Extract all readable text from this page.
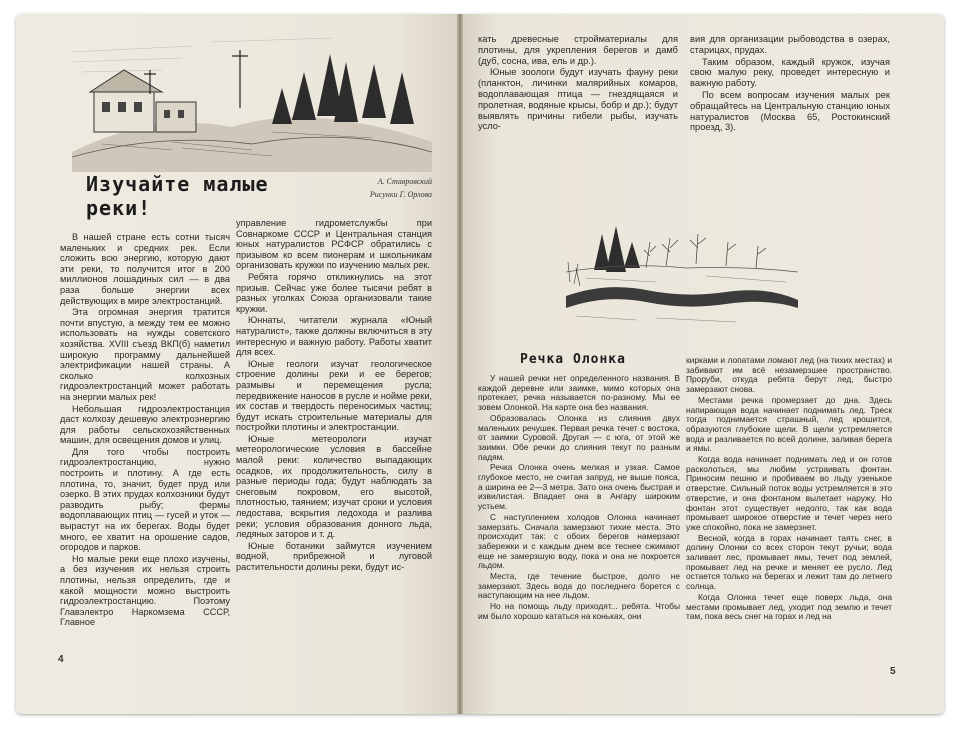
Изучайте малые реки!
А. Ставровский
Рисунки Г. Орлова

В нашей стране есть сотни тысяч маленьких и средних рек. Если сложить всю энергию, которую дают эти реки, то получится итог в 200 миллионов лошадиных сил — в два раза больше энергии всех действующих в мире электростанций.

Эта огромная энергия тратится почти впустую, а между тем ее можно использовать на нужды советского хозяйства. XVIII съезд ВКП(б) наметил широкую программу дальнейшей электрификации нашей страны. А сколько колхозных гидроэлектростанций может работать на энергии малых рек!

Небольшая гидроэлектростанция даст колхозу дешевую электроэнергию для работы сельскохозяйственных машин, для освещения домов и улиц.

Для того чтобы построить гидроэлектростанцию, нужно построить и плотину. А где есть плотина, то, значит, будет пруд или озерко. В этих прудах колхозники будут разводить рыбу; фермы водоплавающих птиц — гусей и уток — вырастут на их берегах. Воды будет много, ее хватит на орошение садов, огородов и парков.

Но малые реки еще плохо изучены, а без изучения их нельзя строить плотины, нельзя определить, где и какой мощности можно выстроить гидроэлектростанцию. Поэтому Главэлектро Наркомзема СССР, Главное

управление гидрометслужбы при Совнаркоме СССР и Центральная станция юных натуралистов РСФСР обратились с призывом ко всем пионерам и школьникам организовать кружки по изучению малых рек.

Ребята горячо откликнулись на этот призыв. Сейчас уже более тысячи ребят в разных уголках Союза организовали такие кружки.

Юннаты, читатели журнала «Юный натуралист», также должны включиться в эту интересную и важную работу. Работы хватит для всех.

Юные геологи изучат геологическое строение долины реки и ее берегов; размывы и перемещения русла; передвижение наносов в русле и нойме реки, их состав и твердость переносимых частиц; будут искать строительные материалы для постройки плотины и электростанции.

Юные метеорологи изучат метеорологические условия в бассейне малой реки: количество выпадающих осадков, их продолжительность, силу в разные периоды года; будут наблюдать за снеговым покровом, его высотой, плотностью, таянием; изучат сроки и условия ледостава, вскрытия ледохода и разлива реки; условия образования донного льда, ледяных заторов и т. д.

Юные ботаники займутся изучением водной, прибрежной и луговой растительности долины реки, будут ис-

4

кать древесные стройматериалы для плотины, для укрепления берегов и дамб (дуб, сосна, ива, ель и др.).

Юные зоологи будут изучать фауну реки (планктон, личинки малярийных комаров, водоплавающая птица — гнездящаяся и пролетная, водяные крысы, бобр и др.); будут выявлять причины гибели рыбы, изучать усло-

вия для организации рыбоводства в озерах, старицах, прудах.

Таким образом, каждый кружок, изучая свою малую реку, проведет интересную и важную работу.

По всем вопросам изучения малых рек обращайтесь на Центральную станцию юных натуралистов (Москва 65, Ростокинский проезд, 3).

Речка Олонка

У нашей речки нет определенного названия. В каждой деревне или заимке, мимо которых она протекает, речка называется по-разному. Мы ее зовем Олонкой. На карте она без названия.

Образовалась Олонка из слияния двух маленьких речушек. Первая речка течет с востока, от заимки Суровой. Другая — с юга, от этой же заимки. Обе речки до слияния текут по разным падям.

Речка Олонка очень мелкая и узкая. Самое глубокое место, не считая запруд, не выше пояса, а ширина ее 2—3 метра. Зато она очень быстрая и извилистая. Впадает она в Ангару широким устьем.

С наступлением холодов Олонка начинает замерзать. Сначала замерзают тихие места. Это происходит так: с обоих берегов намерзают забережки и с каждым днем все теснее сжимают еще не замерзшую воду, пока и она не покроется льдом.

Места, где течение быстрое, долго не замерзают. Здесь вода до последнего борется с наступающим на нее льдом.

Но на помощь льду приходят... ребята. Чтобы им было хорошо кататься на коньках, они

кирками и лопатами ломают лед (на тихих местах) и забивают им всё незамерзшее пространство. Проруби, откуда ребята берут лед, быстро замерзают снова.

Местами речка промерзает до дна. Здесь напирающая вода начинает поднимать лед. Треск тогда поднимается страшный, лед крошится, образуются глубокие щели. В щели устремляется вода и разливается по всей долине, заливая берега и ямы.

Когда вода начинает поднимать лед и он готов расколоться, мы любим устраивать фонтан. Приносим пешню и пробиваем во льду узенькое отверстие. Сильный поток воды устремляется в это отверстие, и она фонтаном вылетает наружу. Но фонтан этот существует недолго, так как вода промывает широкое отверстие и течет через него уже спокойно, пока не замерзнет.

Весной, когда в горах начинает таять снег, в долину Олонки со всех сторон текут ручьи; вода заливает лес, промывает ямы, течет под землей, промывает лед на речке и меняет ее русло. Лед остается только на берегах и лежит там до летнего солнца.

Когда Олонка течет еще поверх льда, она местами промывает лед, уходит под землю и течет там, пока весь снег на горах и лед на

5
